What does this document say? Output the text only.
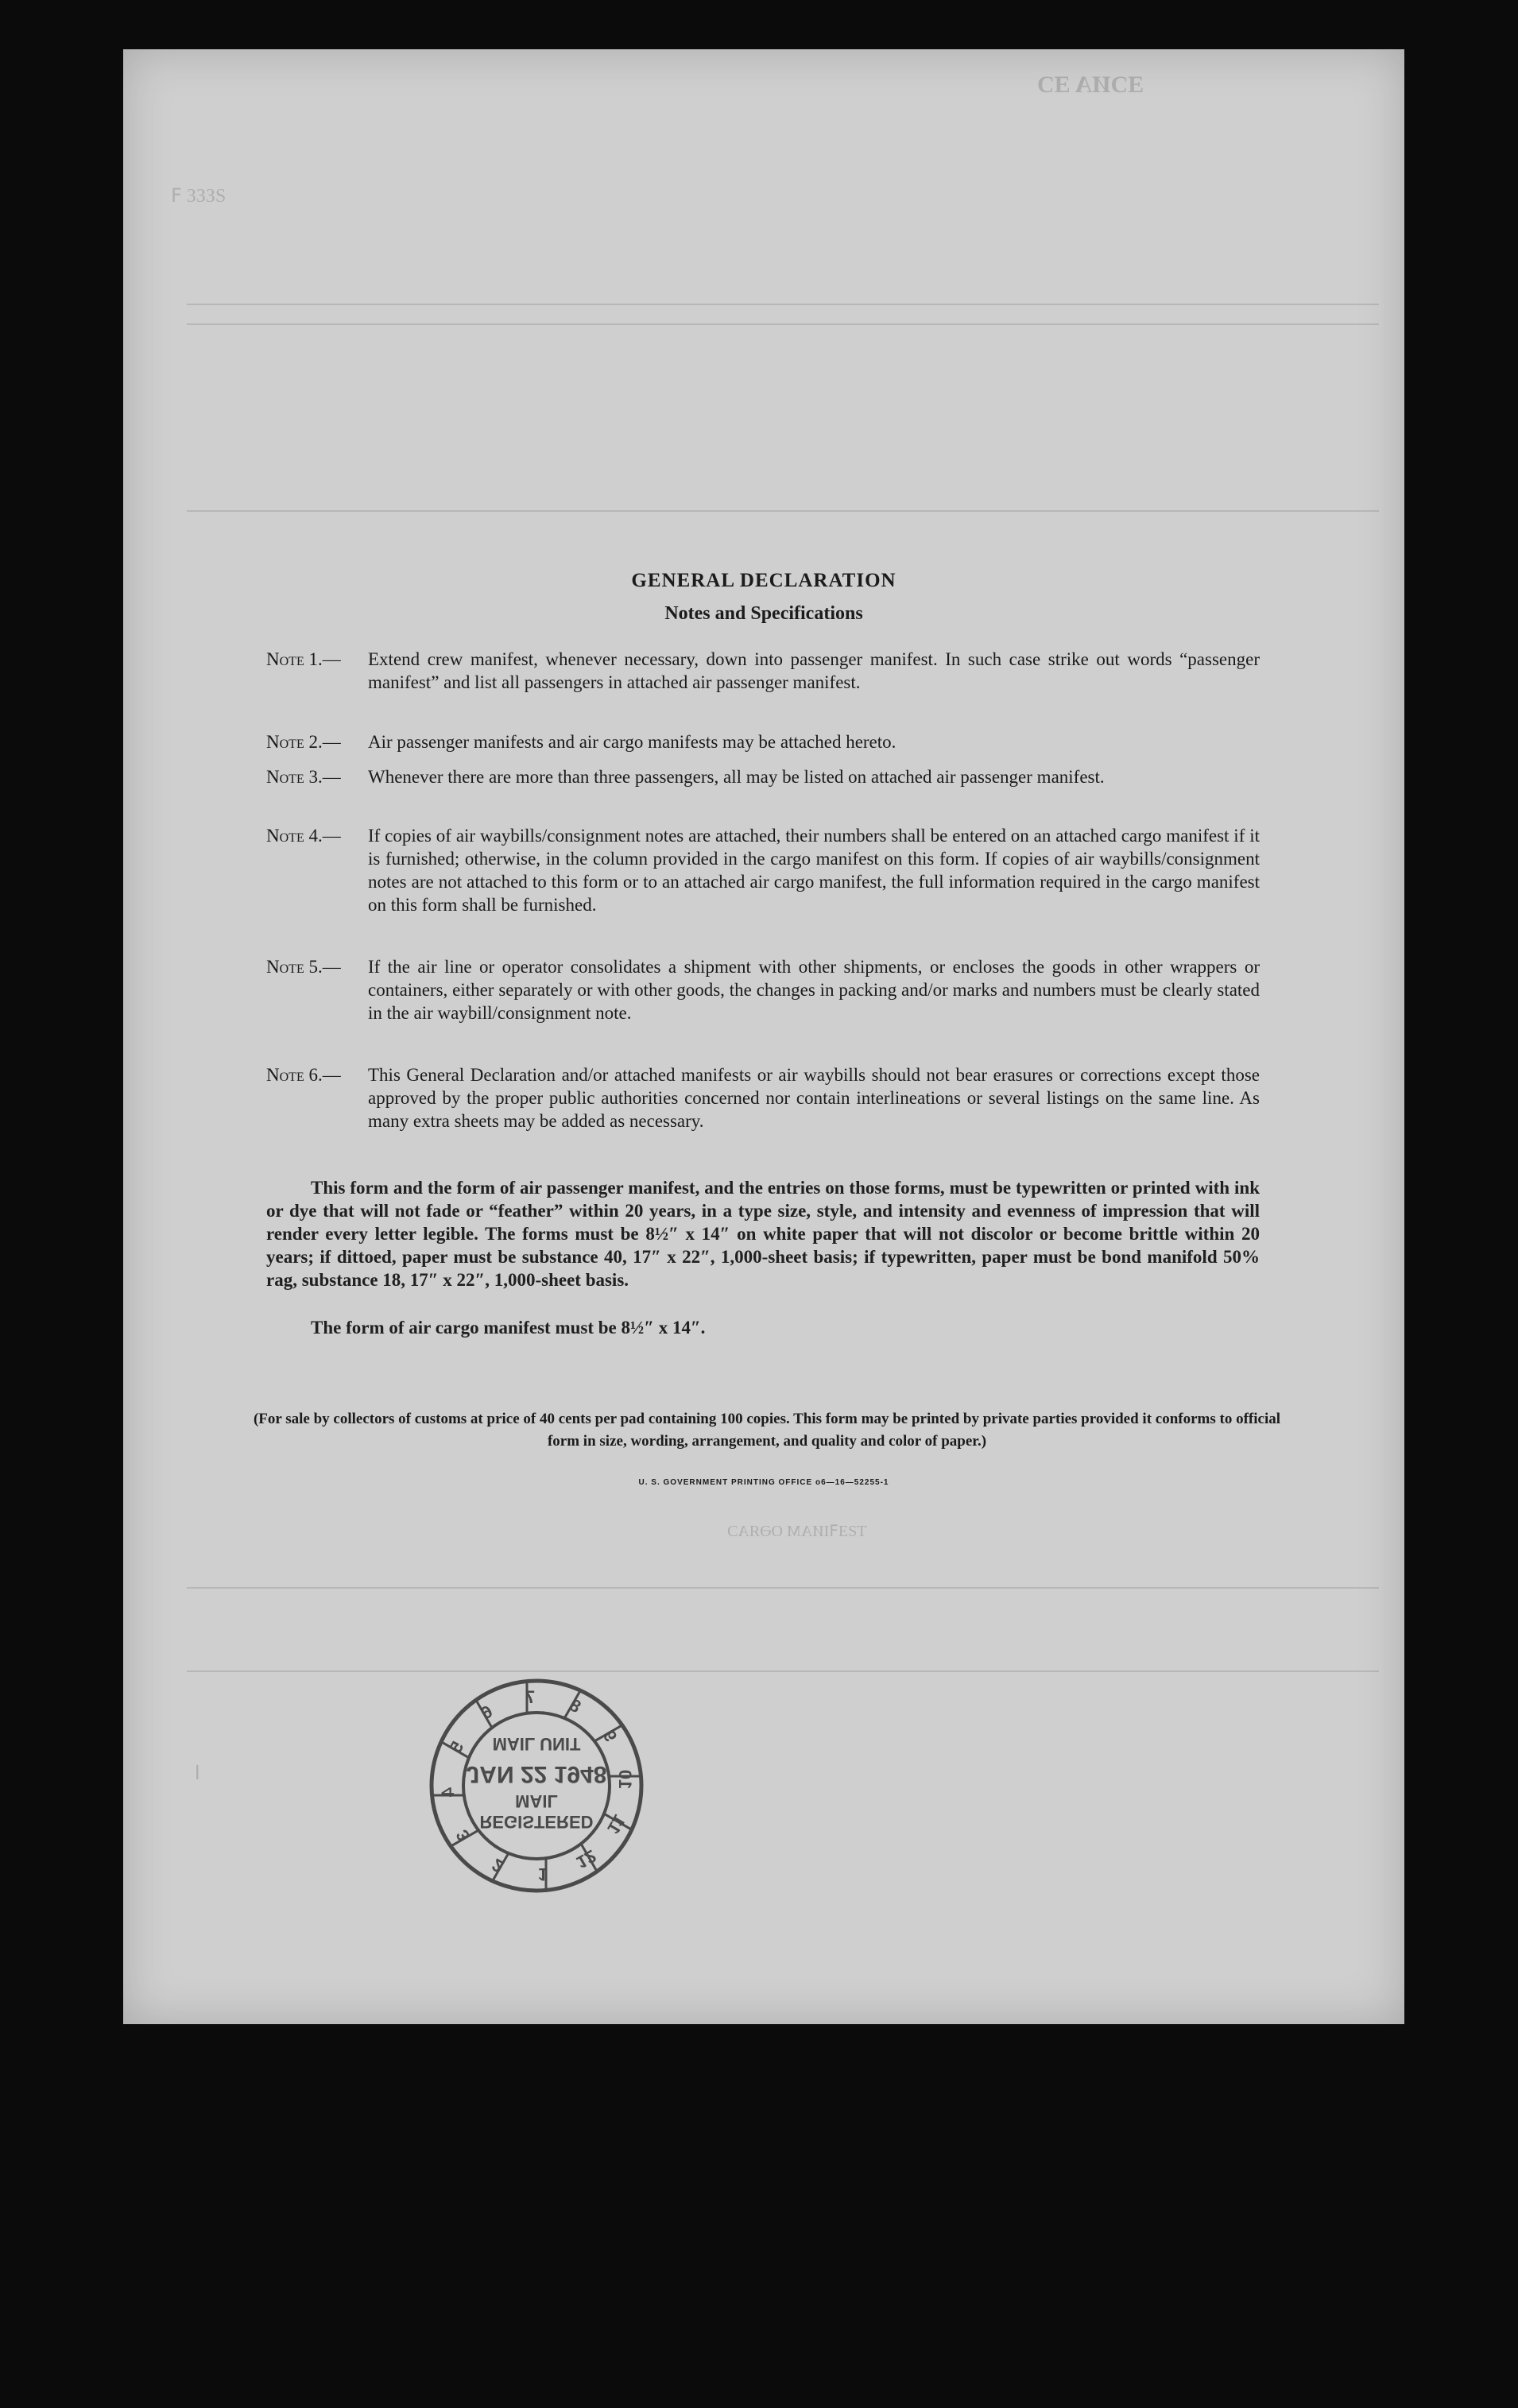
ƎƆИA ƎƆ
ƧƐƐƐ ꟻ
ƬƧƎꟻIИAM OӘЯAƆ
ꞁ
GENERAL DECLARATION
Notes and Specifications
Note 1.— Extend crew manifest, whenever necessary, down into passenger manifest. In such case strike out words “passenger manifest” and list all passengers in attached air passenger manifest.
Note 2.— Air passenger manifests and air cargo manifests may be attached hereto.
Note 3.— Whenever there are more than three passengers, all may be listed on attached air passenger manifest.
Note 4.— If copies of air waybills/consignment notes are attached, their numbers shall be entered on an attached cargo manifest if it is furnished; otherwise, in the column provided in the cargo manifest on this form. If copies of air waybills/consignment notes are not attached to this form or to an attached air cargo manifest, the full information required in the cargo manifest on this form shall be furnished.
Note 5.— If the air line or operator consolidates a shipment with other shipments, or encloses the goods in other wrappers or containers, either separately or with other goods, the changes in packing and/or marks and numbers must be clearly stated in the air waybill/consignment note.
Note 6.— This General Declaration and/or attached manifests or air waybills should not bear erasures or corrections except those approved by the proper public authorities concerned nor contain interlineations or several listings on the same line. As many extra sheets may be added as necessary.
This form and the form of air passenger manifest, and the entries on those forms, must be typewritten or printed with ink or dye that will not fade or “feather” within 20 years, in a type size, style, and intensity and evenness of impression that will render every letter legible. The forms must be 8½″ x 14″ on white paper that will not discolor or become brittle within 20 years; if dittoed, paper must be substance 40, 17″ x 22″, 1,000-sheet basis; if typewritten, paper must be bond manifold 50% rag, substance 18, 17″ x 22″, 1,000-sheet basis.
The form of air cargo manifest must be 8½″ x 14″.
(For sale by collectors of customs at price of 40 cents per pad containing 100 copies. This form may be printed by private parties provided it conforms to official form in size, wording, arrangement, and quality and color of paper.)
U. S. GOVERNMENT PRINTING OFFICE o6—16—52255-1
1
2
3
4
5
6
7 8
9
10
11
12
REGISTERED
MAIL
JAN 22 1948
MAIL UNIT
